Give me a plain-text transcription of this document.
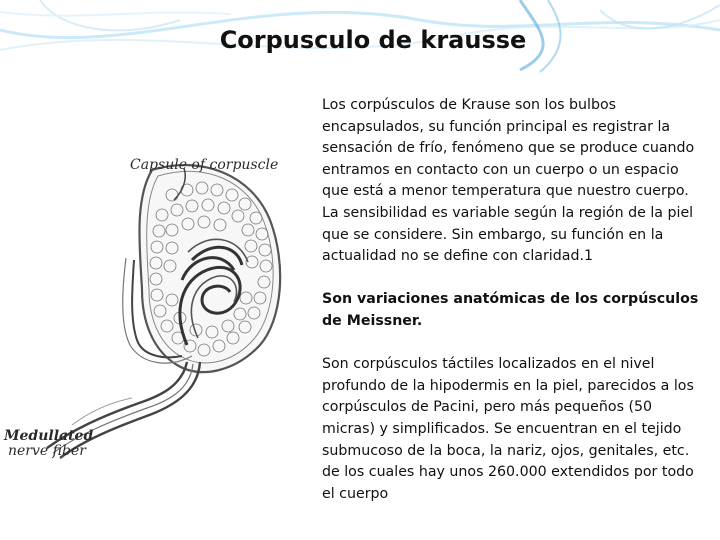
Corpusculo de krausse
Capsule of corpuscle
Medullated
nerve fiber

Los corpúsculos de Krause son los bulbos encapsulados, su función principal es registrar la sensación de frío, fenómeno que se produce cuando entramos en contacto con un cuerpo o un espacio que está a menor temperatura que nuestro cuerpo. La sensibilidad es variable según la región de la piel que se considere. Sin embargo, su función en la actualidad no se define con claridad.1

Son variaciones anatómicas de los corpúsculos de Meissner.

Son corpúsculos táctiles localizados en el nivel profundo de la hipodermis en la piel, parecidos a los corpúsculos de Pacini, pero más pequeños (50 micras) y simplificados. Se encuentran en el tejido submucoso de la boca, la nariz, ojos, genitales, etc. de los cuales hay unos 260.000 extendidos por todo el cuerpo
